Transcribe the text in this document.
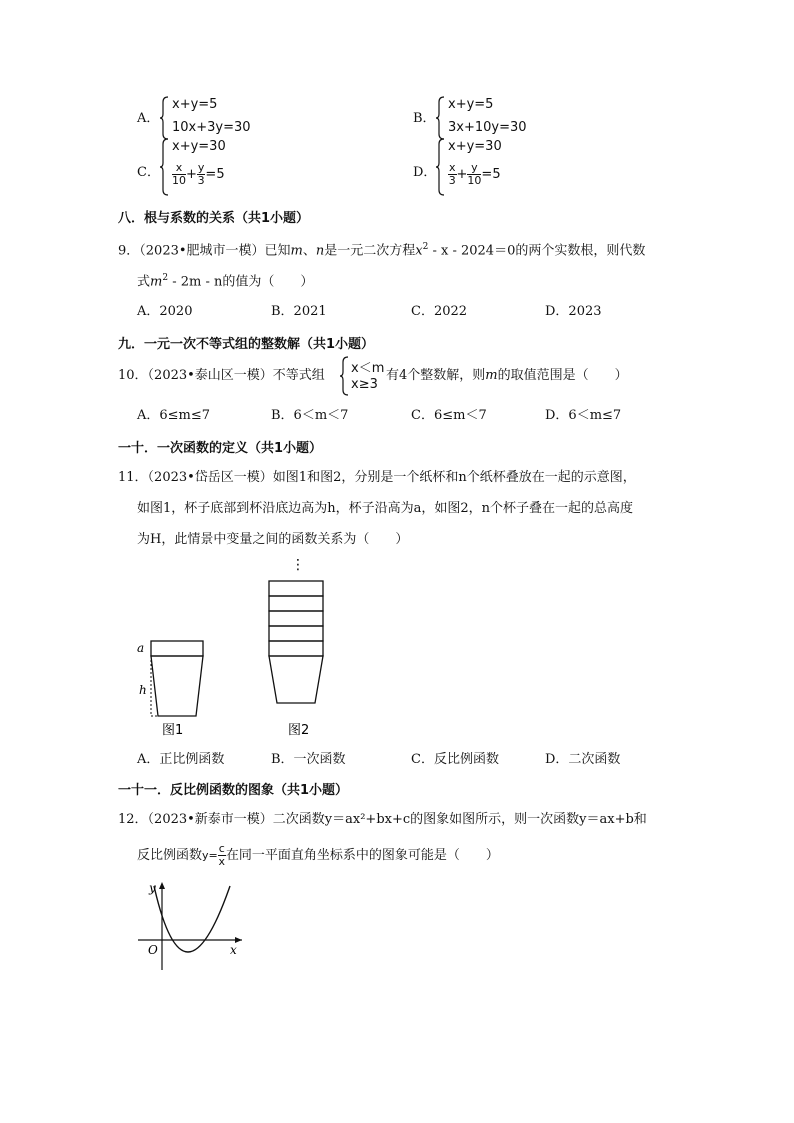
A．
x+y=5
10x+3y=30
B．
x+y=5
3x+10y=30
C．
x+y=30
$\frac{x}{10} + \frac{y}{3} =5$	D．
x+y=30
$\frac{x}{3} + \frac{y}{10} =5$
八．根与系数的关系（共1小题）
9．（2023•肥城市一模）已知m、n是一元二次方程$x^2 - x - 2024=0$的两个实数根，则代数
式$m^2 - 2m$ - n的值为（　　）
A．2020	B．2021	C．2022	D．2023
九．一元一次不等式组的整数解（共1小题）
10．（2023•泰山区一模）不等式组 x＜m
x≥3
有4个整数解，则m的取值范围是（　　）
A．6≤m≤7	B．6＜m＜7	C．6≤m＜7	D．6＜m≤7
一十．一次函数的定义（共1小题）
11．（2023•岱岳区一模）如图1和图2，分别是一个纸杯和n个纸杯叠放在一起的示意图，
如图1，杯子底部到杯沿底边高为h，杯子沿高为a，如图2，n个杯子叠在一起的总高度
为H，此情景中变量之间的函数关系为（　　）
a
h
图1
⋮
图2
A．正比例函数	B．一次函数	C．反比例函数	D．二次函数
一十一．反比例函数的图象（共1小题）
12．（2023•新泰市一模）二次函数y＝ax²+bx+c的图象如图所示，则一次函数y＝ax+b和
反比例函数$y= \frac{c}{x}$ 在同一平面直角坐标系中的图象可能是（　　）
y
x
O
